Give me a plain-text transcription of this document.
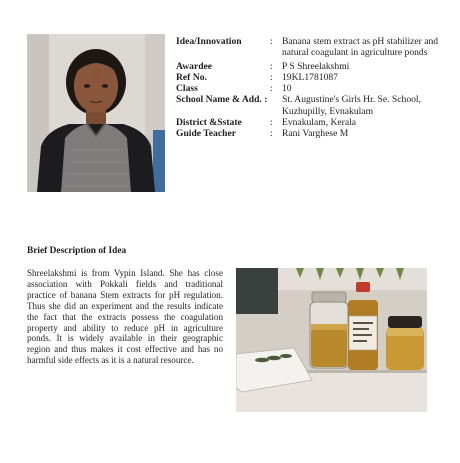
Idea/Innovation	: Banana stem extract as pH stabilizer and natural coagulant in agriculture ponds
Awardee	: P S Shreelakshmi
Ref No.	: 19KL1781087
Class	: 10
School Name & Add. : St. Augustine's Girls Hr. Se. School, Kuzhupilly, Evnakulam
District &Sstate	: Evnakulam, Kerala
Guide Teacher	: Rani Varghese M
Brief Description of Idea

Shreelakshmi is from Vypin Island. She has close association with Pokkali fields and traditional practice of banana Stem extracts for pH regulation. Thus she did an experiment and the results indicate the fact that the extracts possess the coagulation property and ability to reduce pH in agriculture ponds. It is widely available in their geographic region and thus makes it cost effective and has no harmful side effects as it is a natural resource.
